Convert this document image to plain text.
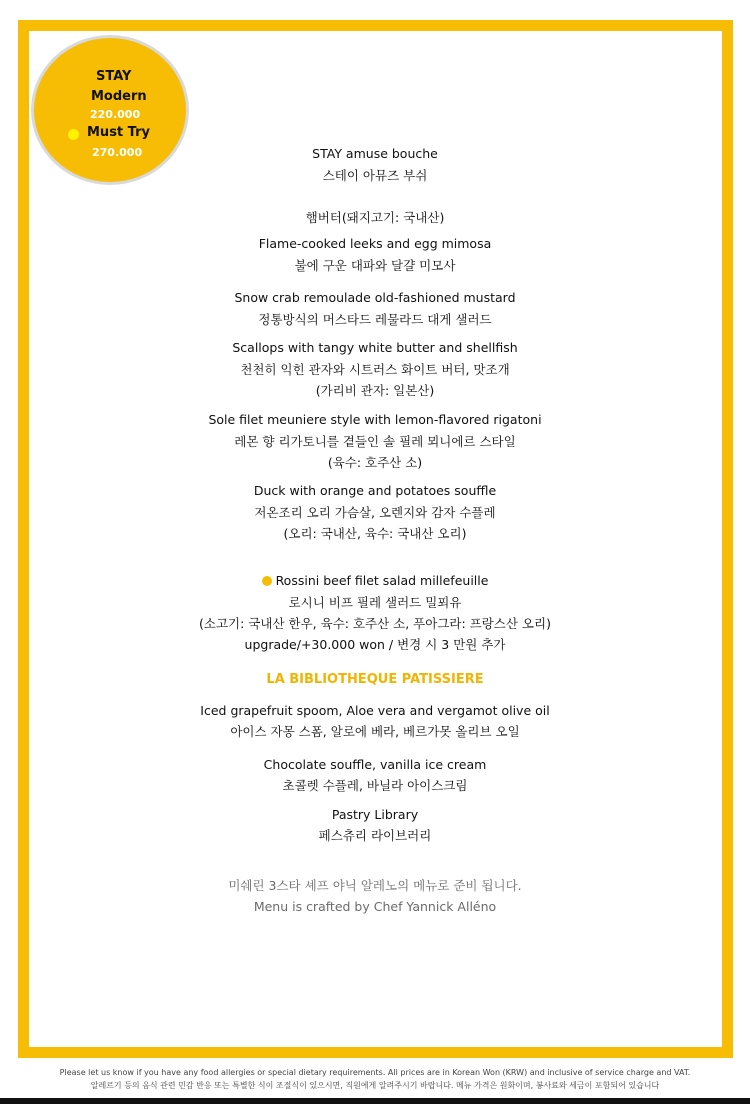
STAY
Modern
220.000
Must Try
270.000	STAY amuse bouche
스테이 아뮤즈 부쉬
햄버터(돼지고기: 국내산)
Flame-cooked leeks and egg mimosa
불에 구운 대파와 달걀 미모사
Snow crab remoulade old-fashioned mustard
정통방식의 머스타드 레물라드 대게 샐러드
Scallops with tangy white butter and shellfish
천천히 익힌 관자와 시트러스 화이트 버터, 맛조개
(가리비 관자: 일본산)
Sole filet meuniere style with lemon-flavored rigatoni
레몬 향 리가토니를 곁들인 솔 필레 뫼니에르 스타일
(육수: 호주산 소)
Duck with orange and potatoes souffle
저온조리 오리 가슴살, 오렌지와 감자 수플레
(오리: 국내산, 육수: 국내산 오리)
Rossini beef filet salad millefeuille
로시니 비프 필레 샐러드 밀푀유
(소고기: 국내산 한우, 육수: 호주산 소, 푸아그라: 프랑스산 오리)
upgrade/+30.000 won / 변경 시 3 만원 추가
LA BIBLIOTHEQUE PATISSIERE
Iced grapefruit spoom, Aloe vera and vergamot olive oil
아이스 자몽 스폼, 알로에 베라, 베르가못 올리브 오일
Chocolate souffle, vanilla ice cream
초콜렛 수플레, 바닐라 아이스크림
Pastry Library
페스츄리 라이브러리
미쉐린 3스타 셰프 야닉 알레노의 메뉴로 준비 됩니다.
Menu is crafted by Chef Yannick Alléno
Please let us know if you have any food allergies or special dietary requirements. All prices are in Korean Won (KRW) and inclusive of service charge and VAT.
알레르기 등의 음식 관련 민감 반응 또는 특별한 식이 조절식이 있으시면, 직원에게 알려주시기 바랍니다. 메뉴 가격은 원화이며, 봉사료와 세금이 포함되어 있습니다
